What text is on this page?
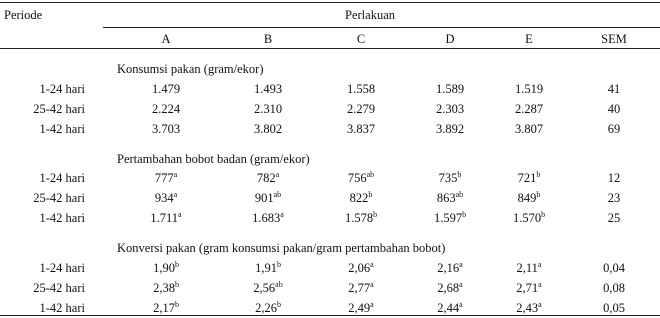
Periode	Perlakuan
A	B	C	D	E	SEM
Konsumsi pakan (gram/ekor)
1-24 hari	1.479	1.493	1.558	1.589	1.519	41
25-42 hari	2.224	2.310	2.279	2.303	2.287	40
1-42 hari	3.703	3.802	3.837	3.892	3.807	69
Pertambahan bobot badan (gram/ekor)
1-24 hari	777$^a$	782$^a$	$756^{ab}$	735$^b$	721$^b$	12
25-42 hari	934$^a$	$901^{ab}$	822$^b$	$863^{ab}$	849$^b$	23
1-42 hari	1.711$^a$	1.683$^a$	1.578$^b$	1.597$^b$	1.570$^b$	25
Konversi pakan (gram konsumsi pakan/gram pertambahan bobot)
1-24 hari	1,90$^b$	1,91$^b$	2,06$^a$	2,16$^a$	2,11$^a$	0,04
25-42 hari	2,38$^b$	2,56$^{ab}$	2,77$^a$	2,68$^a$	2,71$^a$	0,08
1-42 hari	2,17$^b$	2,26$^b$	2,49$^a$	2,44$^a$	2,43$^a$	0,05
